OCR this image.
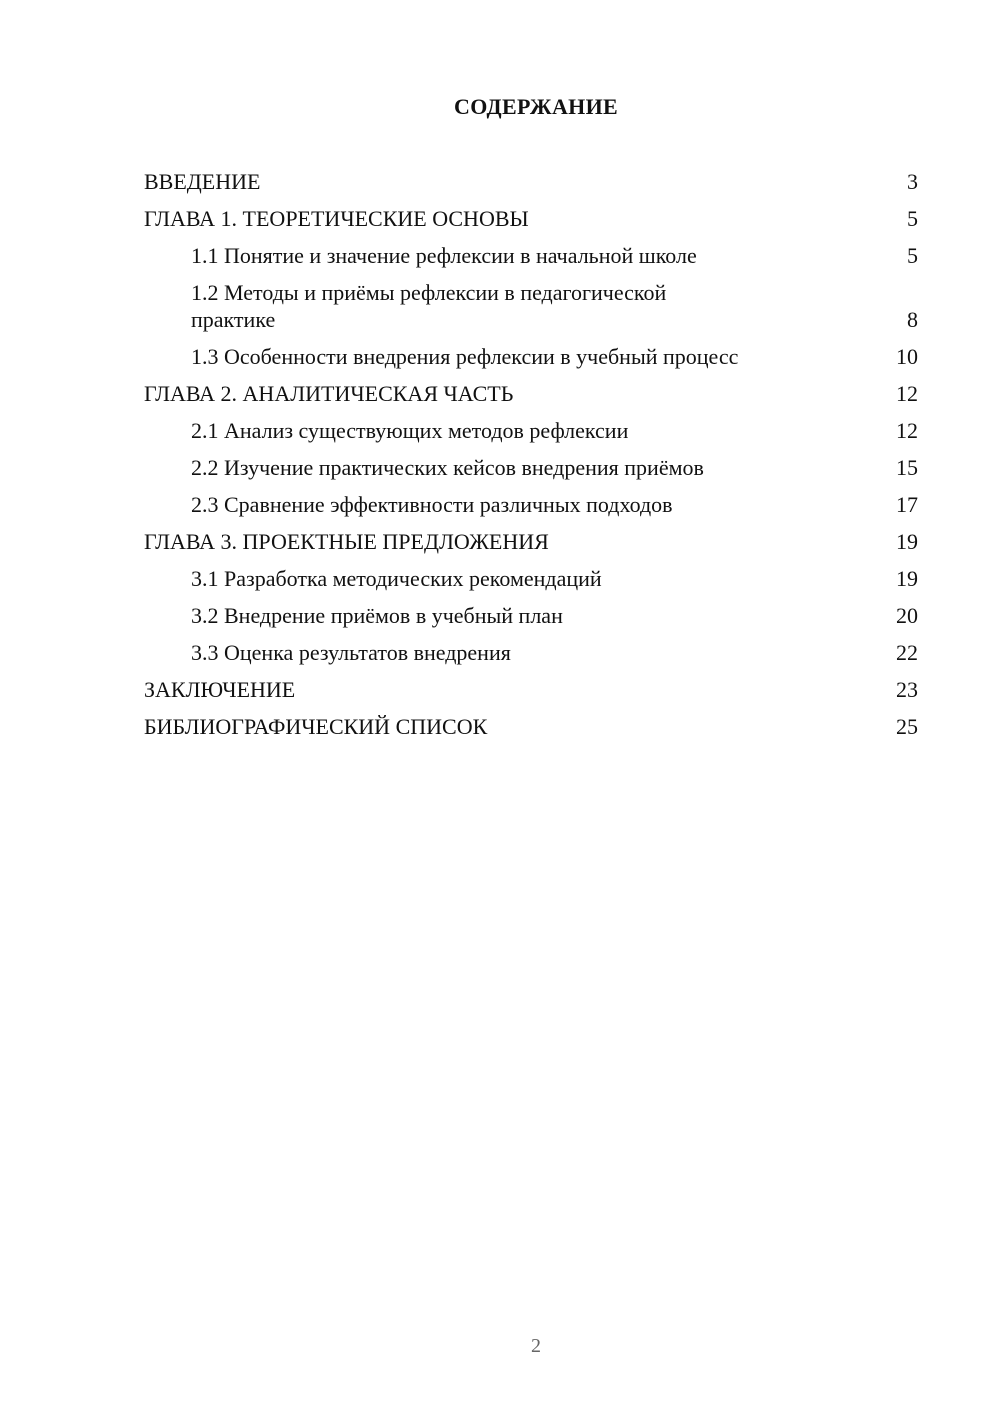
СОДЕРЖАНИЕ
ВВЕДЕНИЕ	3
ГЛАВА 1. ТЕОРЕТИЧЕСКИЕ ОСНОВЫ	5
1.1 Понятие и значение рефлексии в начальной школе	5
1.2 Методы и приёмы рефлексии в педагогической практике	8
1.3 Особенности внедрения рефлексии в учебный процесс	10
ГЛАВА 2. АНАЛИТИЧЕСКАЯ ЧАСТЬ	12
2.1 Анализ существующих методов рефлексии	12
2.2 Изучение практических кейсов внедрения приёмов	15
2.3 Сравнение эффективности различных подходов	17
ГЛАВА 3. ПРОЕКТНЫЕ ПРЕДЛОЖЕНИЯ	19
3.1 Разработка методических рекомендаций	19
3.2 Внедрение приёмов в учебный план	20
3.3 Оценка результатов внедрения	22
ЗАКЛЮЧЕНИЕ	23
БИБЛИОГРАФИЧЕСКИЙ СПИСОК	25
2
